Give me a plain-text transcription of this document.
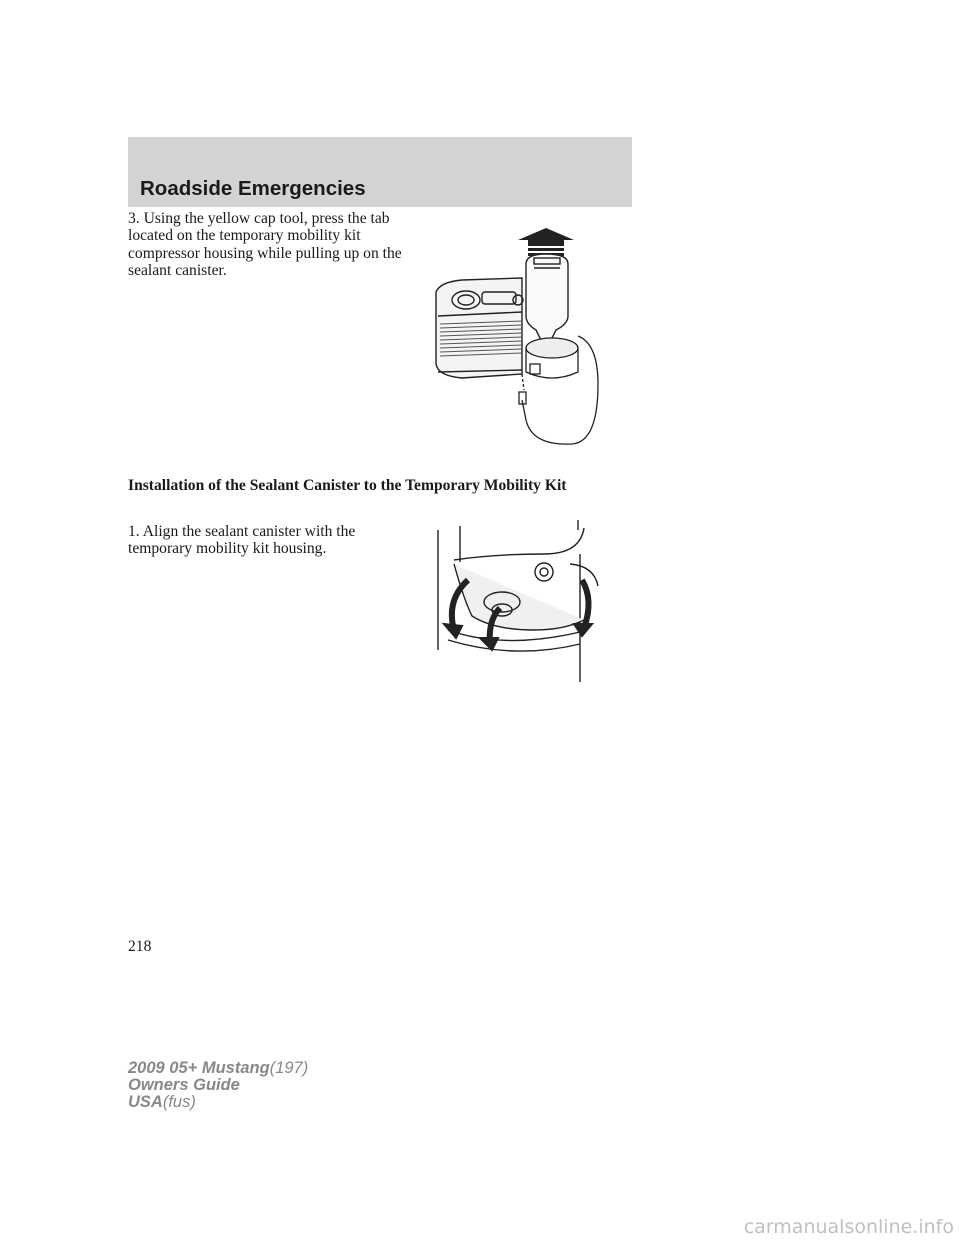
Roadside Emergencies
3. Using the yellow cap tool, press the tab located on the temporary mobility kit compressor housing while pulling up on the sealant canister.
Installation of the Sealant Canister to the Temporary Mobility Kit
1. Align the sealant canister with the temporary mobility kit housing.
218
2009 05+ Mustang(197)
Owners Guide
USA(fus)
carmanualsonline.info
